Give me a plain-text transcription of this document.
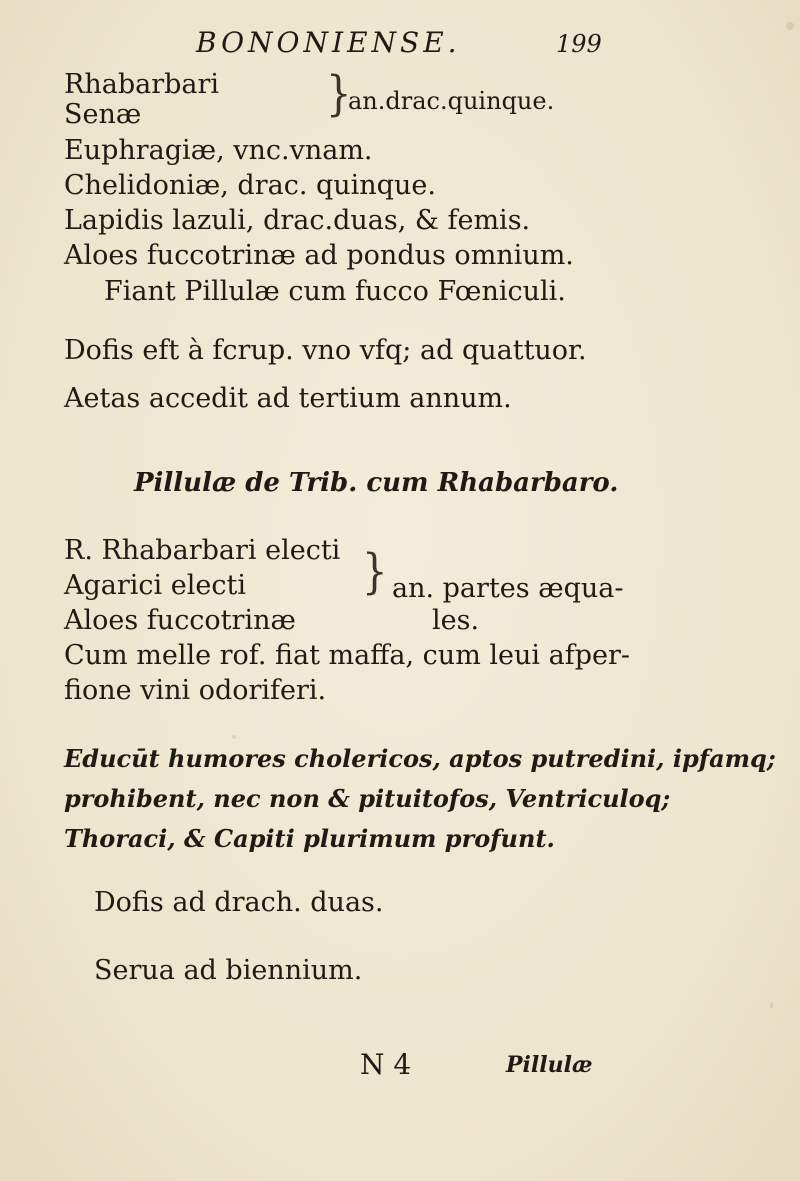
BONONIENSE.	199
Rhabarbari
Senæ	}
an.drac.quinque.
Euphragiæ, vnc.vnam.
Chelidoniæ, drac. quinque.
Lapidis lazuli, drac.duas, & femis.
Aloes fuccotrinæ ad pondus omnium.
Fiant Pillulæ cum fucco Fœniculi.
Dofis eft à fcrup. vno vfq; ad quattuor.
Aetas accedit ad tertium annum.
Pillulæ de Trib. cum Rhabarbaro.
R. Rhabarbari electi
Agarici electi
Aloes fuccotrinæ
} an. partes æqua-
les.
Cum melle rof. fiat maffa, cum leui afper-
fione vini odoriferi.
Educūt humores cholericos, aptos putredini, ipfamq;
prohibent, nec non & pituitofos, Ventriculoq;
Thoraci, & Capiti plurimum profunt.
Dofis ad drach. duas.
Serua ad biennium.
N 4	Pillulæ
